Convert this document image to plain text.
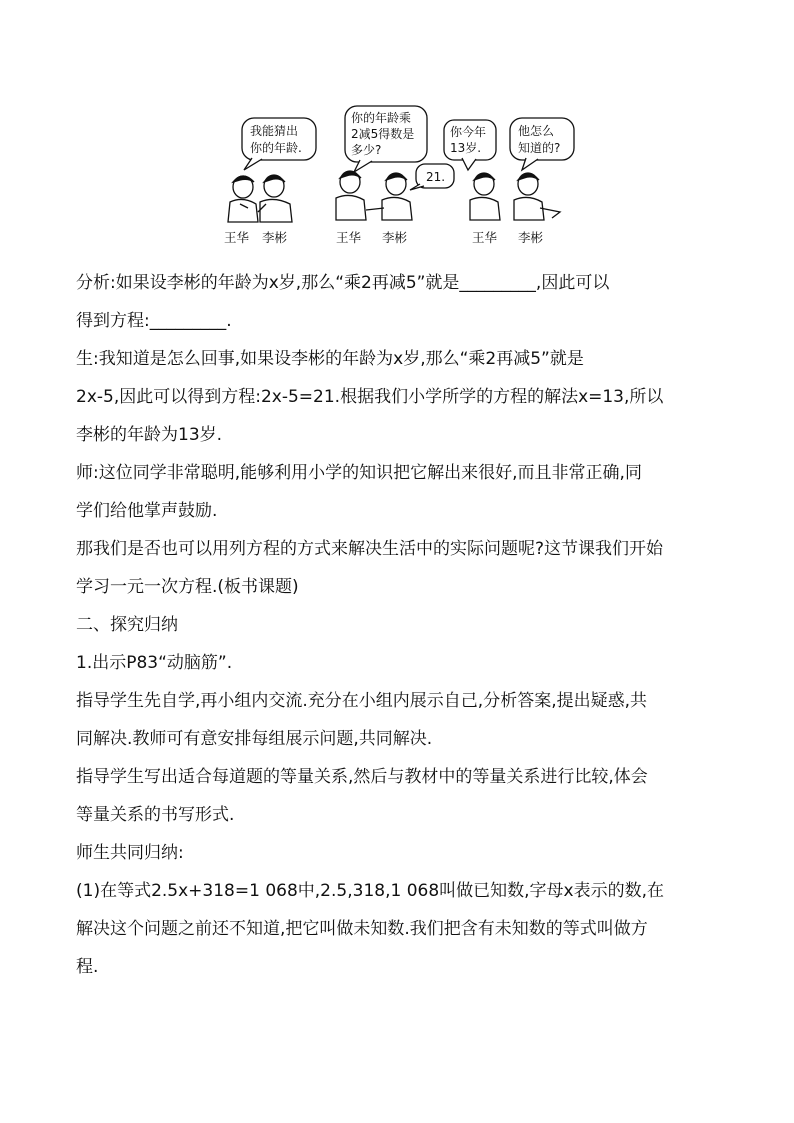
我能猜出
你的年龄.
王华 李彬
你的年龄乘
2减5得数是
多少?
21.
王华 李彬
你今年
13岁.
他怎么
知道的?
王华 李彬

分析:如果设李彬的年龄为x岁,那么“乘2再减5”就是_________,因此可以

得到方程:_________.

生:我知道是怎么回事,如果设李彬的年龄为x岁,那么“乘2再减5”就是

2x-5,因此可以得到方程:2x-5=21.根据我们小学所学的方程的解法x=13,所以

李彬的年龄为13岁.

师:这位同学非常聪明,能够利用小学的知识把它解出来很好,而且非常正确,同

学们给他掌声鼓励.

那我们是否也可以用列方程的方式来解决生活中的实际问题呢?这节课我们开始

学习一元一次方程.(板书课题)

二、探究归纳

1.出示P83“动脑筋”.

指导学生先自学,再小组内交流.充分在小组内展示自己,分析答案,提出疑惑,共

同解决.教师可有意安排每组展示问题,共同解决.

指导学生写出适合每道题的等量关系,然后与教材中的等量关系进行比较,体会

等量关系的书写形式.

师生共同归纳:

(1)在等式2.5x+318=1 068中,2.5,318,1 068叫做已知数,字母x表示的数,在

解决这个问题之前还不知道,把它叫做未知数.我们把含有未知数的等式叫做方

程.
